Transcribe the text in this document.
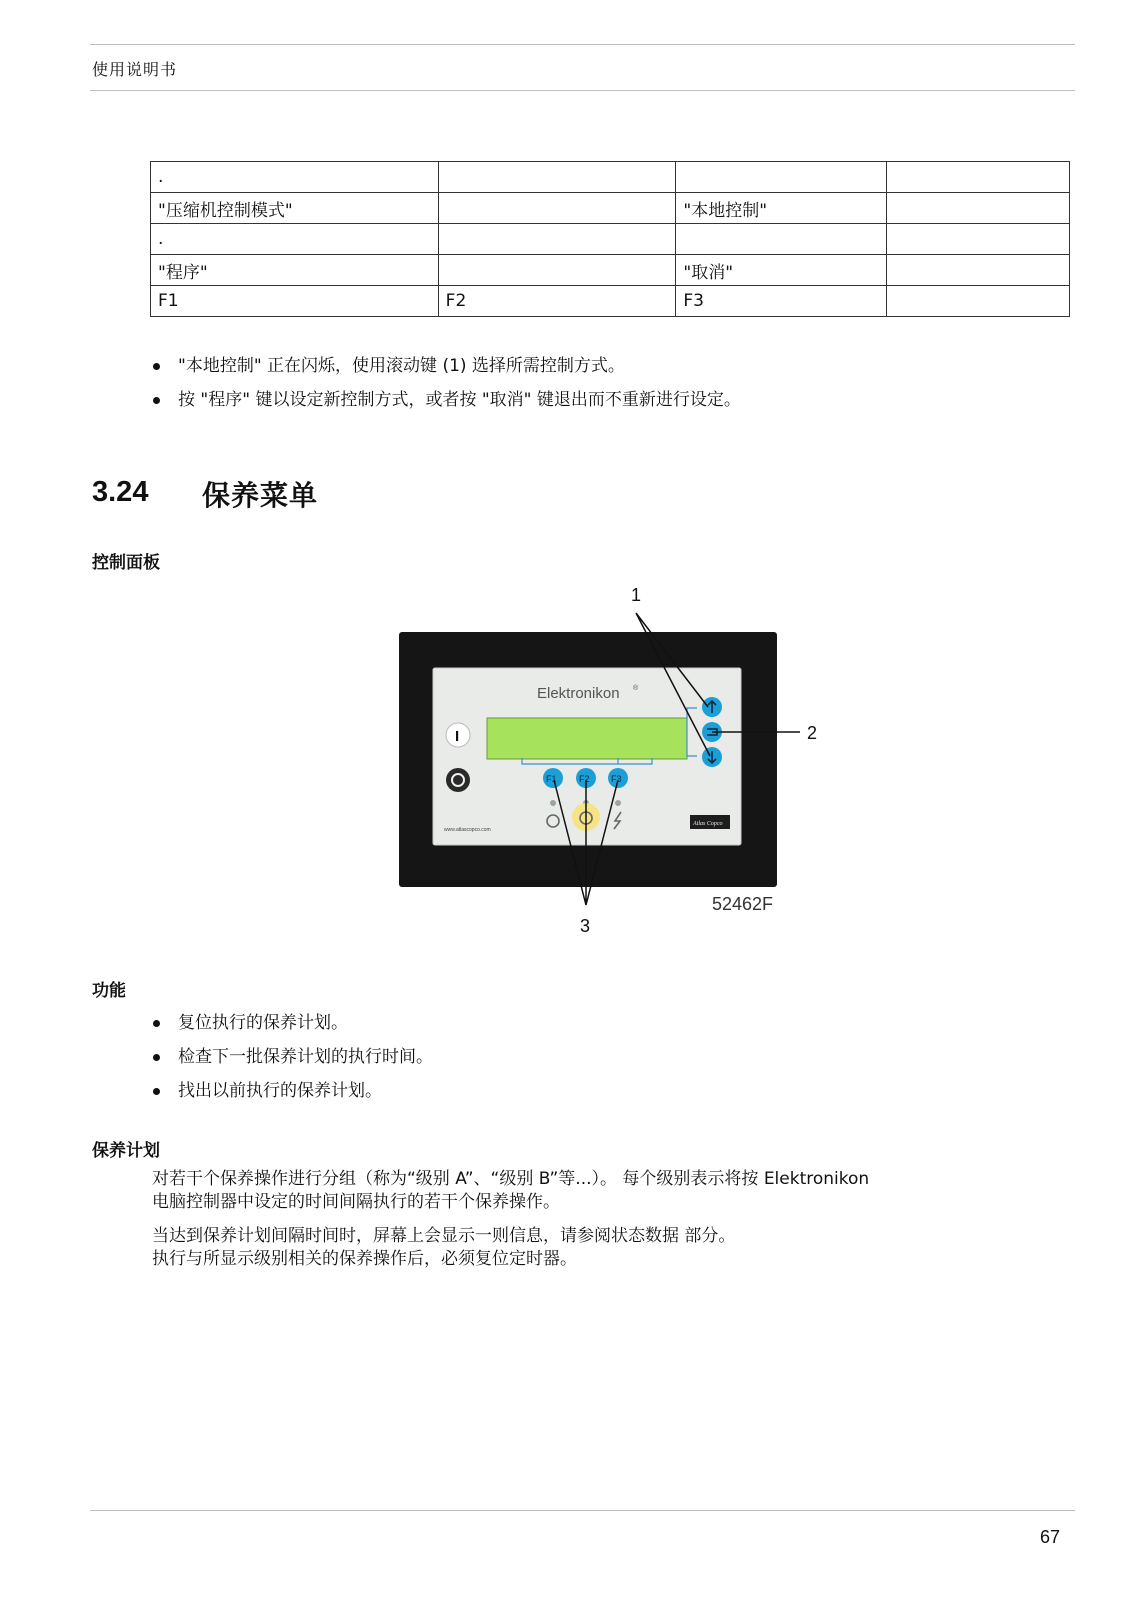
使用说明书
.			
"压缩机控制模式"		"本地控制"	
.			
"程序"		"取消"	
F1	F2	F3	
"本地控制" 正在闪烁，使用滚动键 (1) 选择所需控制方式。
按 "程序" 键以设定新控制方式，或者按 "取消" 键退出而不重新进行设定。
3.24 保养菜单
控制面板
Elektronikon ®
I
F1 F2 F3
www.atlascopco.com
Atlas Copco
1
2
3
52462F
功能
复位执行的保养计划。
检查下一批保养计划的执行时间。
找出以前执行的保养计划。
保养计划
对若干个保养操作进行分组（称为“级别 A”、“级别 B”等...）。 每个级别表示将按 Elektronikon
电脑控制器中设定的时间间隔执行的若干个保养操作。
当达到保养计划间隔时间时，屏幕上会显示一则信息，请参阅状态数据 部分。
执行与所显示级别相关的保养操作后，必须复位定时器。
67
